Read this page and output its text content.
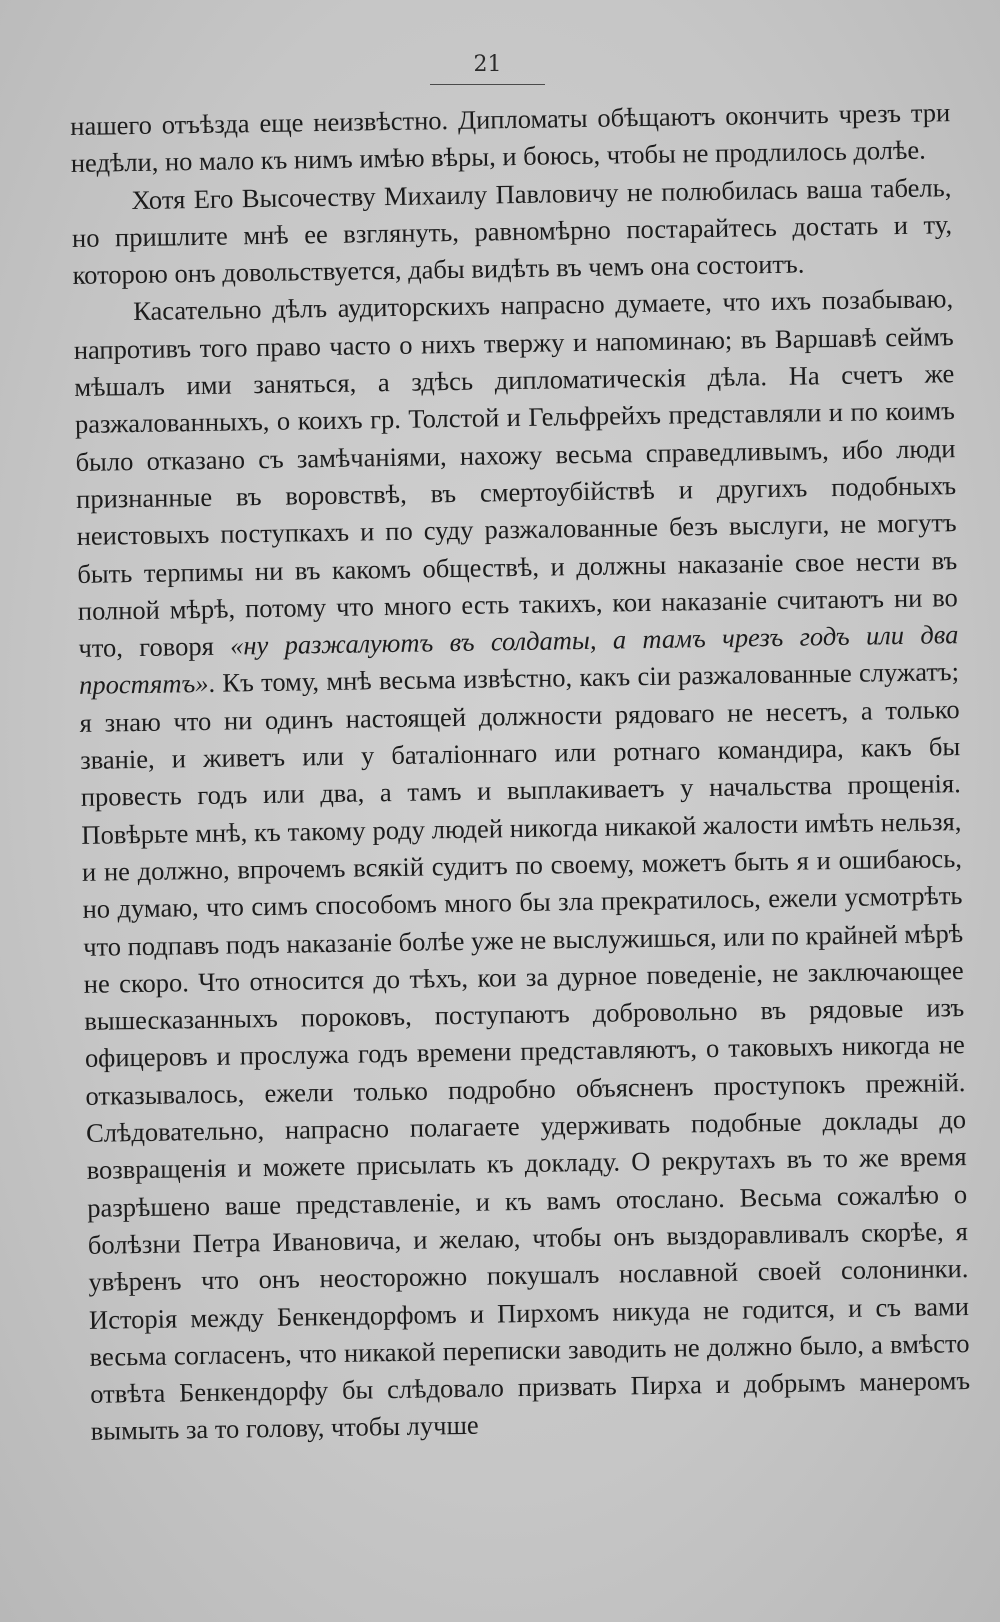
21

нашего отъѣзда еще неизвѣстно. Дипломаты обѣщаютъ окончить чрезъ три недѣли, но мало къ нимъ имѣю вѣры, и боюсь, чтобы не продлилось долѣе.

Хотя Его Высочеству Михаилу Павловичу не полюбилась ваша табель, но пришлите мнѣ ее взглянуть, равномѣрно постарайтесь достать и ту, которою онъ довольствуется, дабы видѣть въ чемъ она состоитъ.

Касательно дѣлъ аудиторскихъ напрасно думаете, что ихъ позабываю, напротивъ того право часто о нихъ твержу и напоминаю; въ Варшавѣ сеймъ мѣшалъ ими заняться, а здѣсь дипломатическія дѣла. На счетъ же разжалованныхъ, о коихъ гр. Толстой и Гельфрейхъ представляли и по коимъ было отказано съ замѣчаніями, нахожу весьма справедливымъ, ибо люди признанные въ воровствѣ, въ смертоубійствѣ и другихъ подобныхъ неистовыхъ поступкахъ и по суду разжалованные безъ выслуги, не могутъ быть терпимы ни въ какомъ обществѣ, и должны наказаніе свое нести въ полной мѣрѣ, потому что много есть такихъ, кои наказаніе считаютъ ни во что, говоря «ну разжалуютъ въ солдаты, а тамъ чрезъ годъ или два простятъ». Къ тому, мнѣ весьма извѣстно, какъ сіи разжалованные служатъ; я знаю что ни одинъ настоящей должности рядоваго не несетъ, а только званіе, и живетъ или у баталіоннаго или ротнаго командира, какъ бы провесть годъ или два, а тамъ и выплакиваетъ у начальства прощенія. Повѣрьте мнѣ, къ такому роду людей никогда никакой жалости имѣть нельзя, и не должно, впрочемъ всякій судитъ по своему, можетъ быть я и ошибаюсь, но думаю, что симъ способомъ много бы зла прекратилось, ежели усмотрѣть что подпавъ подъ наказаніе болѣе уже не выслужишься, или по крайней мѣрѣ не скоро. Что относится до тѣхъ, кои за дурное поведеніе, не заключающее вышесказанныхъ пороковъ, поступаютъ добровольно въ рядовые изъ офицеровъ и прослужа годъ времени представляютъ, о таковыхъ никогда не отказывалось, ежели только подробно объясненъ проступокъ прежній. Слѣдовательно, напрасно полагаете удерживать подобные доклады до возвращенія и можете присылать къ докладу. О рекрутахъ въ то же время разрѣшено ваше представленіе, и къ вамъ отослано. Весьма сожалѣю о болѣзни Петра Ивановича, и желаю, чтобы онъ выздоравливалъ скорѣе, я увѣренъ что онъ неосторожно покушалъ нославной своей солонинки. Исторія между Бенкендорфомъ и Пирхомъ никуда не годится, и съ вами весьма согласенъ, что никакой переписки заводить не должно было, а вмѣсто отвѣта Бенкендорфу бы слѣдовало призвать Пирха и добрымъ манеромъ вымыть за то голову, чтобы лучше
